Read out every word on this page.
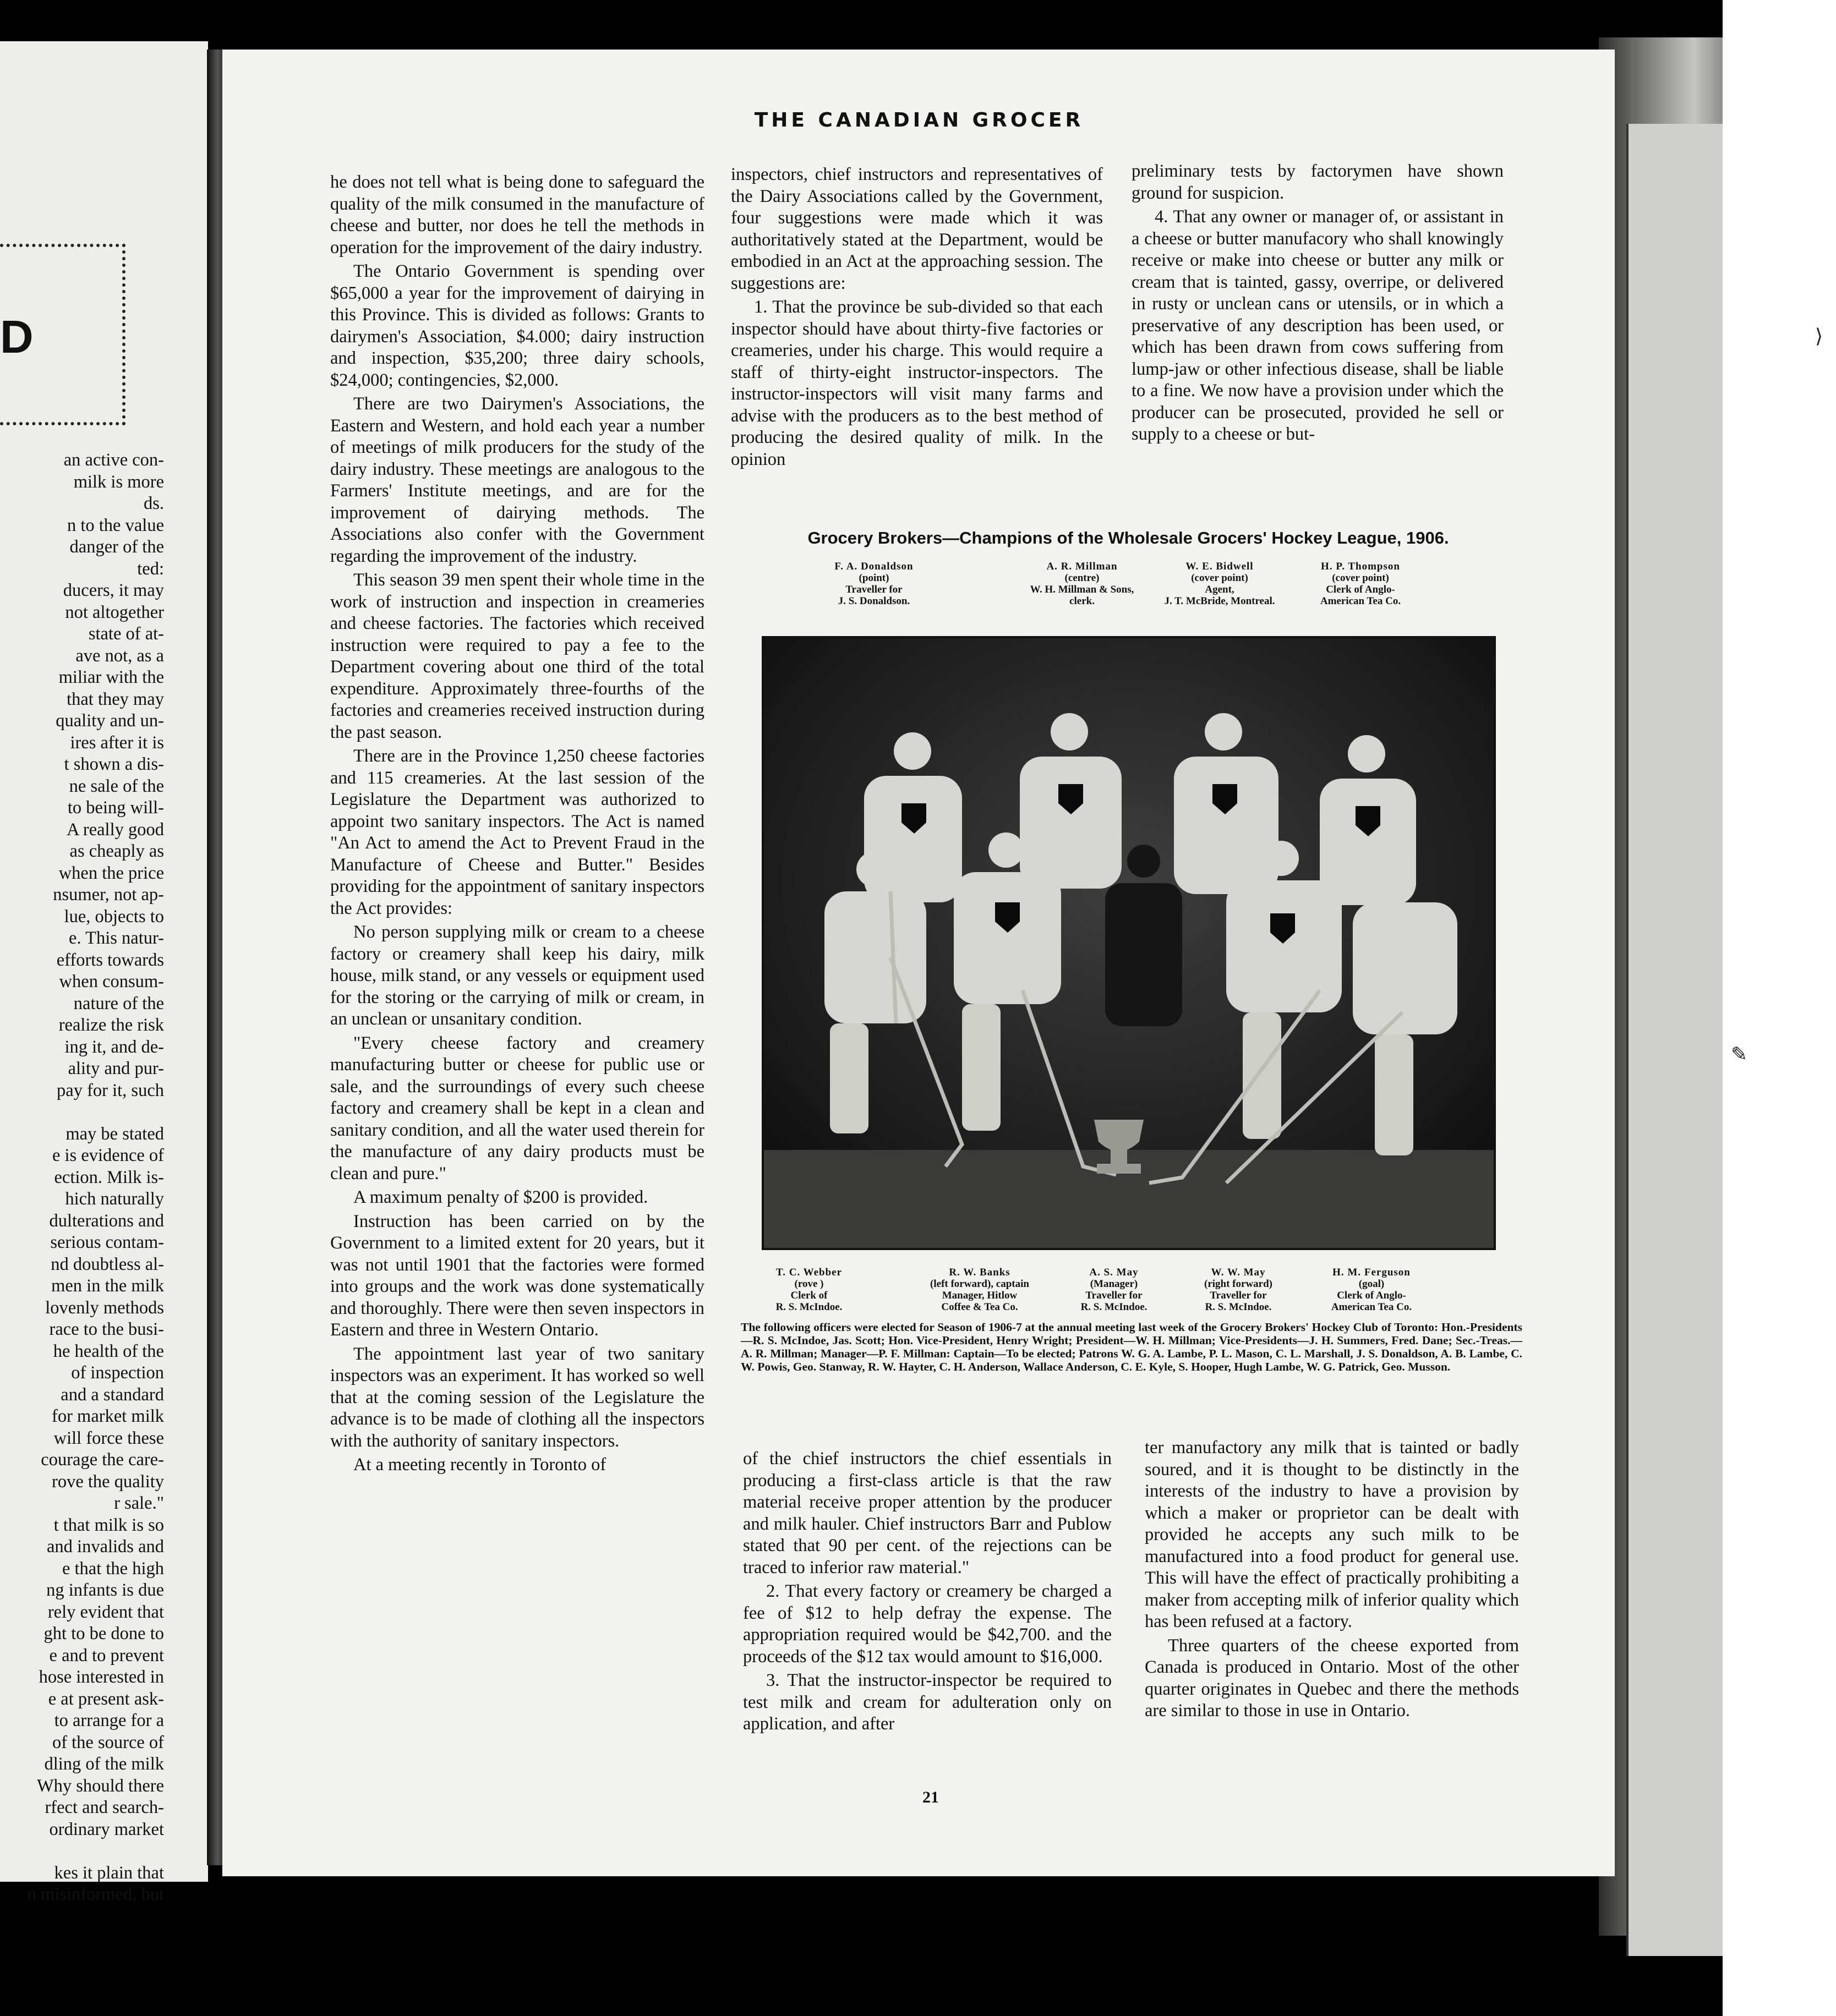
D
an active con-
milk is more
ds.
n to the value
danger of the
ted:
ducers, it may
not altogether
state of at-
ave not, as a
miliar with the
that they may
quality and un-
ires after it is
t shown a dis-
ne sale of the
to being will-
A really good
as cheaply as
when the price
nsumer, not ap-
lue, objects to
e. This natur-
efforts towards
when consum-
nature of the
realize the risk
ing it, and de-
ality and pur-
pay for it, such
may be stated
e is evidence of
ection. Milk is-
hich naturally
dulterations and
serious contam-
nd doubtless al-
men in the milk
lovenly methods
race to the busi-
he health of the
of inspection
and a standard
for market milk
will force these
courage the care-
rove the quality
r sale."
t that milk is so
and invalids and
e that the high
ng infants is due
rely evident that
ght to be done to
e and to prevent
hose interested in
e at present ask-
to arrange for a
of the source of
dling of the milk
Why should there
rfect and search-
ordinary market
kes it plain that
n misinformed, but
⟩
✎
THE CANADIAN GROCER

he does not tell what is being done to safeguard the quality of the milk consumed in the manufacture of cheese and butter, nor does he tell the methods in operation for the improvement of the dairy industry.

The Ontario Government is spending over $65,000 a year for the improvement of dairying in this Province. This is divided as follows: Grants to dairymen's Association, $4.000; dairy instruction and inspection, $35,200; three dairy schools, $24,000; contingencies, $2,000.

There are two Dairymen's Associations, the Eastern and Western, and hold each year a number of meetings of milk producers for the study of the dairy industry. These meetings are analogous to the Farmers' Institute meetings, and are for the improvement of dairying methods. The Associations also confer with the Government regarding the improvement of the industry.

This season 39 men spent their whole time in the work of instruction and inspection in creameries and cheese factories. The factories which received instruction were required to pay a fee to the Department covering about one third of the total expenditure. Approximately three-fourths of the factories and creameries received instruction during the past season.

There are in the Province 1,250 cheese factories and 115 creameries. At the last session of the Legislature the Department was authorized to appoint two sanitary inspectors. The Act is named "An Act to amend the Act to Prevent Fraud in the Manufacture of Cheese and Butter." Besides providing for the appointment of sanitary inspectors the Act provides:

No person supplying milk or cream to a cheese factory or creamery shall keep his dairy, milk house, milk stand, or any vessels or equipment used for the storing or the carrying of milk or cream, in an unclean or unsanitary condition.

"Every cheese factory and creamery manufacturing butter or cheese for public use or sale, and the surroundings of every such cheese factory and creamery shall be kept in a clean and sanitary condition, and all the water used therein for the manufacture of any dairy products must be clean and pure."

A maximum penalty of $200 is provided.

Instruction has been carried on by the Government to a limited extent for 20 years, but it was not until 1901 that the factories were formed into groups and the work was done systematically and thoroughly. There were then seven inspectors in Eastern and three in Western Ontario.

The appointment last year of two sanitary inspectors was an experiment. It has worked so well that at the coming session of the Legislature the advance is to be made of clothing all the inspectors with the authority of sanitary inspectors.

At a meeting recently in Toronto of

inspectors, chief instructors and representatives of the Dairy Associations called by the Government, four suggestions were made which it was authoritatively stated at the Department, would be embodied in an Act at the approaching session. The suggestions are:

1. That the province be sub-divided so that each inspector should have about thirty-five factories or creameries, under his charge. This would require a staff of thirty-eight instructor-inspectors. The instructor-inspectors will visit many farms and advise with the producers as to the best method of producing the desired quality of milk. In the opinion

preliminary tests by factorymen have shown ground for suspicion.

4. That any owner or manager of, or assistant in a cheese or butter manufacory who shall knowingly receive or make into cheese or butter any milk or cream that is tainted, gassy, overripe, or delivered in rusty or unclean cans or utensils, or in which a preservative of any description has been used, or which has been drawn from cows suffering from lump-jaw or other infectious disease, shall be liable to a fine. We now have a provision under which the producer can be prosecuted, provided he sell or supply to a cheese or but-

Grocery Brokers—Champions of the Wholesale Grocers' Hockey League, 1906.
F. A. Donaldson
(point)
Traveller for
J. S. Donaldson.
A. R. Millman
(centre)
W. H. Millman & Sons,
clerk.
W. E. Bidwell
(cover point)
Agent,
J. T. McBride, Montreal.
H. P. Thompson
(cover point)
Clerk of Anglo-
American Tea Co.
T. C. Webber
(rove )
Clerk of
R. S. McIndoe.
R. W. Banks
(left forward), captain
Manager, Hitlow
Coffee & Tea Co.
A. S. May
(Manager)
Traveller for
R. S. McIndoe.
W. W. May
(right forward)
Traveller for
R. S. McIndoe.
H. M. Ferguson
(goal)
Clerk of Anglo-
American Tea Co.
The following officers were elected for Season of 1906-7 at the annual meeting last week of the Grocery Brokers' Hockey Club of Toronto: Hon.-Presidents—R. S. McIndoe, Jas. Scott; Hon. Vice-President, Henry Wright; President—W. H. Millman; Vice-Presidents—J. H. Summers, Fred. Dane; Sec.-Treas.—A. R. Millman; Manager—P. F. Millman: Captain—To be elected; Patrons W. G. A. Lambe, P. L. Mason, C. L. Marshall, J. S. Donaldson, A. B. Lambe, C. W. Powis, Geo. Stanway, R. W. Hayter, C. H. Anderson, Wallace Anderson, C. E. Kyle, S. Hooper, Hugh Lambe, W. G. Patrick, Geo. Musson.

of the chief instructors the chief essentials in producing a first-class article is that the raw material receive proper attention by the producer and milk hauler. Chief instructors Barr and Publow stated that 90 per cent. of the rejections can be traced to inferior raw material."

2. That every factory or creamery be charged a fee of $12 to help defray the expense. The appropriation required would be $42,700. and the proceeds of the $12 tax would amount to $16,000.

3. That the instructor-inspector be required to test milk and cream for adulteration only on application, and after

ter manufactory any milk that is tainted or badly soured, and it is thought to be distinctly in the interests of the industry to have a provision by which a maker or proprietor can be dealt with provided he accepts any such milk to be manufactured into a food product for general use. This will have the effect of practically prohibiting a maker from accepting milk of inferior quality which has been refused at a factory.

Three quarters of the cheese exported from Canada is produced in Ontario. Most of the other quarter originates in Quebec and there the methods are similar to those in use in Ontario.

21
